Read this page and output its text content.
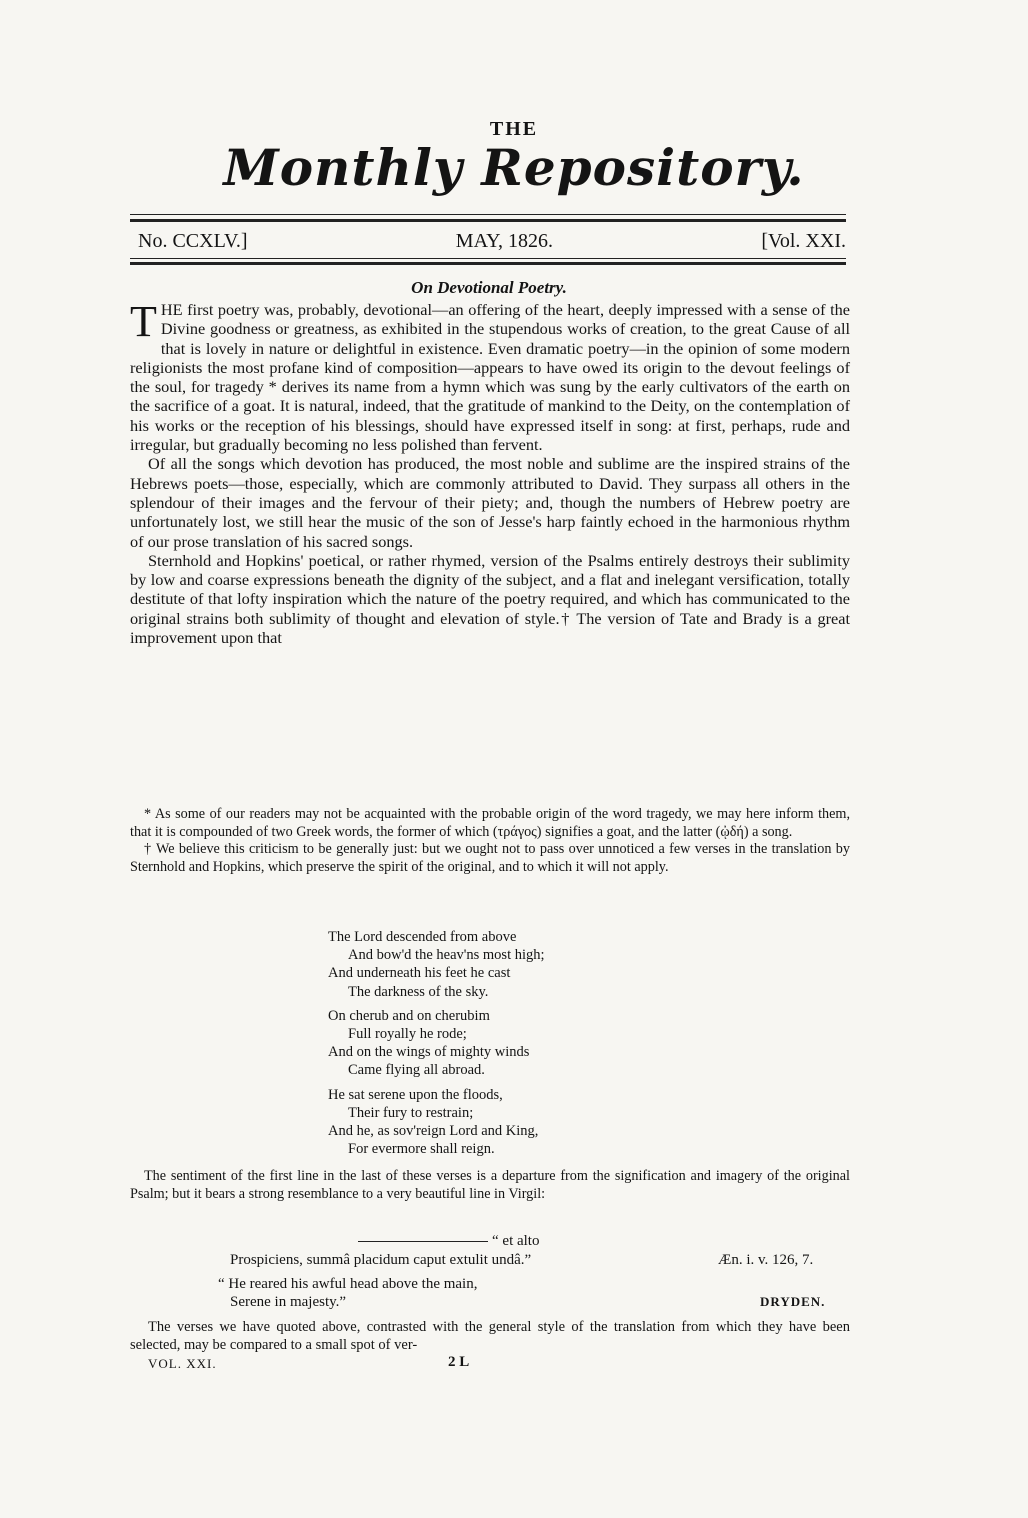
THE
Monthly Repository.
No. CCXLV.]	MAY, 1826.	[Vol. XXI.
On Devotional Poetry.

THE first poetry was, probably, devotional—an offering of the heart, deeply impressed with a sense of the Divine goodness or greatness, as exhibited in the stupendous works of creation, to the great Cause of all that is lovely in nature or delightful in existence. Even dramatic poetry—in the opinion of some modern religionists the most profane kind of composition—appears to have owed its origin to the devout feelings of the soul, for tragedy * derives its name from a hymn which was sung by the early cultivators of the earth on the sacrifice of a goat. It is natural, indeed, that the gratitude of mankind to the Deity, on the contemplation of his works or the reception of his blessings, should have expressed itself in song: at first, perhaps, rude and irregular, but gradually becoming no less polished than fervent.

Of all the songs which devotion has produced, the most noble and sublime are the inspired strains of the Hebrews poets—those, especially, which are commonly attributed to David. They surpass all others in the splendour of their images and the fervour of their piety; and, though the numbers of Hebrew poetry are unfortunately lost, we still hear the music of the son of Jesse's harp faintly echoed in the harmonious rhythm of our prose translation of his sacred songs.

Sternhold and Hopkins' poetical, or rather rhymed, version of the Psalms entirely destroys their sublimity by low and coarse expressions beneath the dignity of the subject, and a flat and inelegant versification, totally destitute of that lofty inspiration which the nature of the poetry required, and which has communicated to the original strains both sublimity of thought and elevation of style.† The version of Tate and Brady is a great improvement upon that

* As some of our readers may not be acquainted with the probable origin of the word tragedy, we may here inform them, that it is compounded of two Greek words, the former of which (τράγος) signifies a goat, and the latter (ᾠδή) a song.

† We believe this criticism to be generally just: but we ought not to pass over unnoticed a few verses in the translation by Sternhold and Hopkins, which preserve the spirit of the original, and to which it will not apply.

The Lord descended from above
And bow'd the heav'ns most high;
And underneath his feet he cast
The darkness of the sky.
On cherub and on cherubim
Full royally he rode;
And on the wings of mighty winds
Came flying all abroad.
He sat serene upon the floods,
Their fury to restrain;
And he, as sov'reign Lord and King,
For evermore shall reign.
The sentiment of the first line in the last of these verses is a departure from the signification and imagery of the original Psalm; but it bears a strong resemblance to a very beautiful line in Virgil:
“ et alto
Prospiciens, summâ placidum caput extulit undâ.”	Æn. i. v. 126, 7.
“ He reared his awful head above the main,
Serene in majesty.”	DRYDEN.
The verses we have quoted above, contrasted with the general style of the translation from which they have been selected, may be compared to a small spot of ver-
VOL. XXI.	2 L
